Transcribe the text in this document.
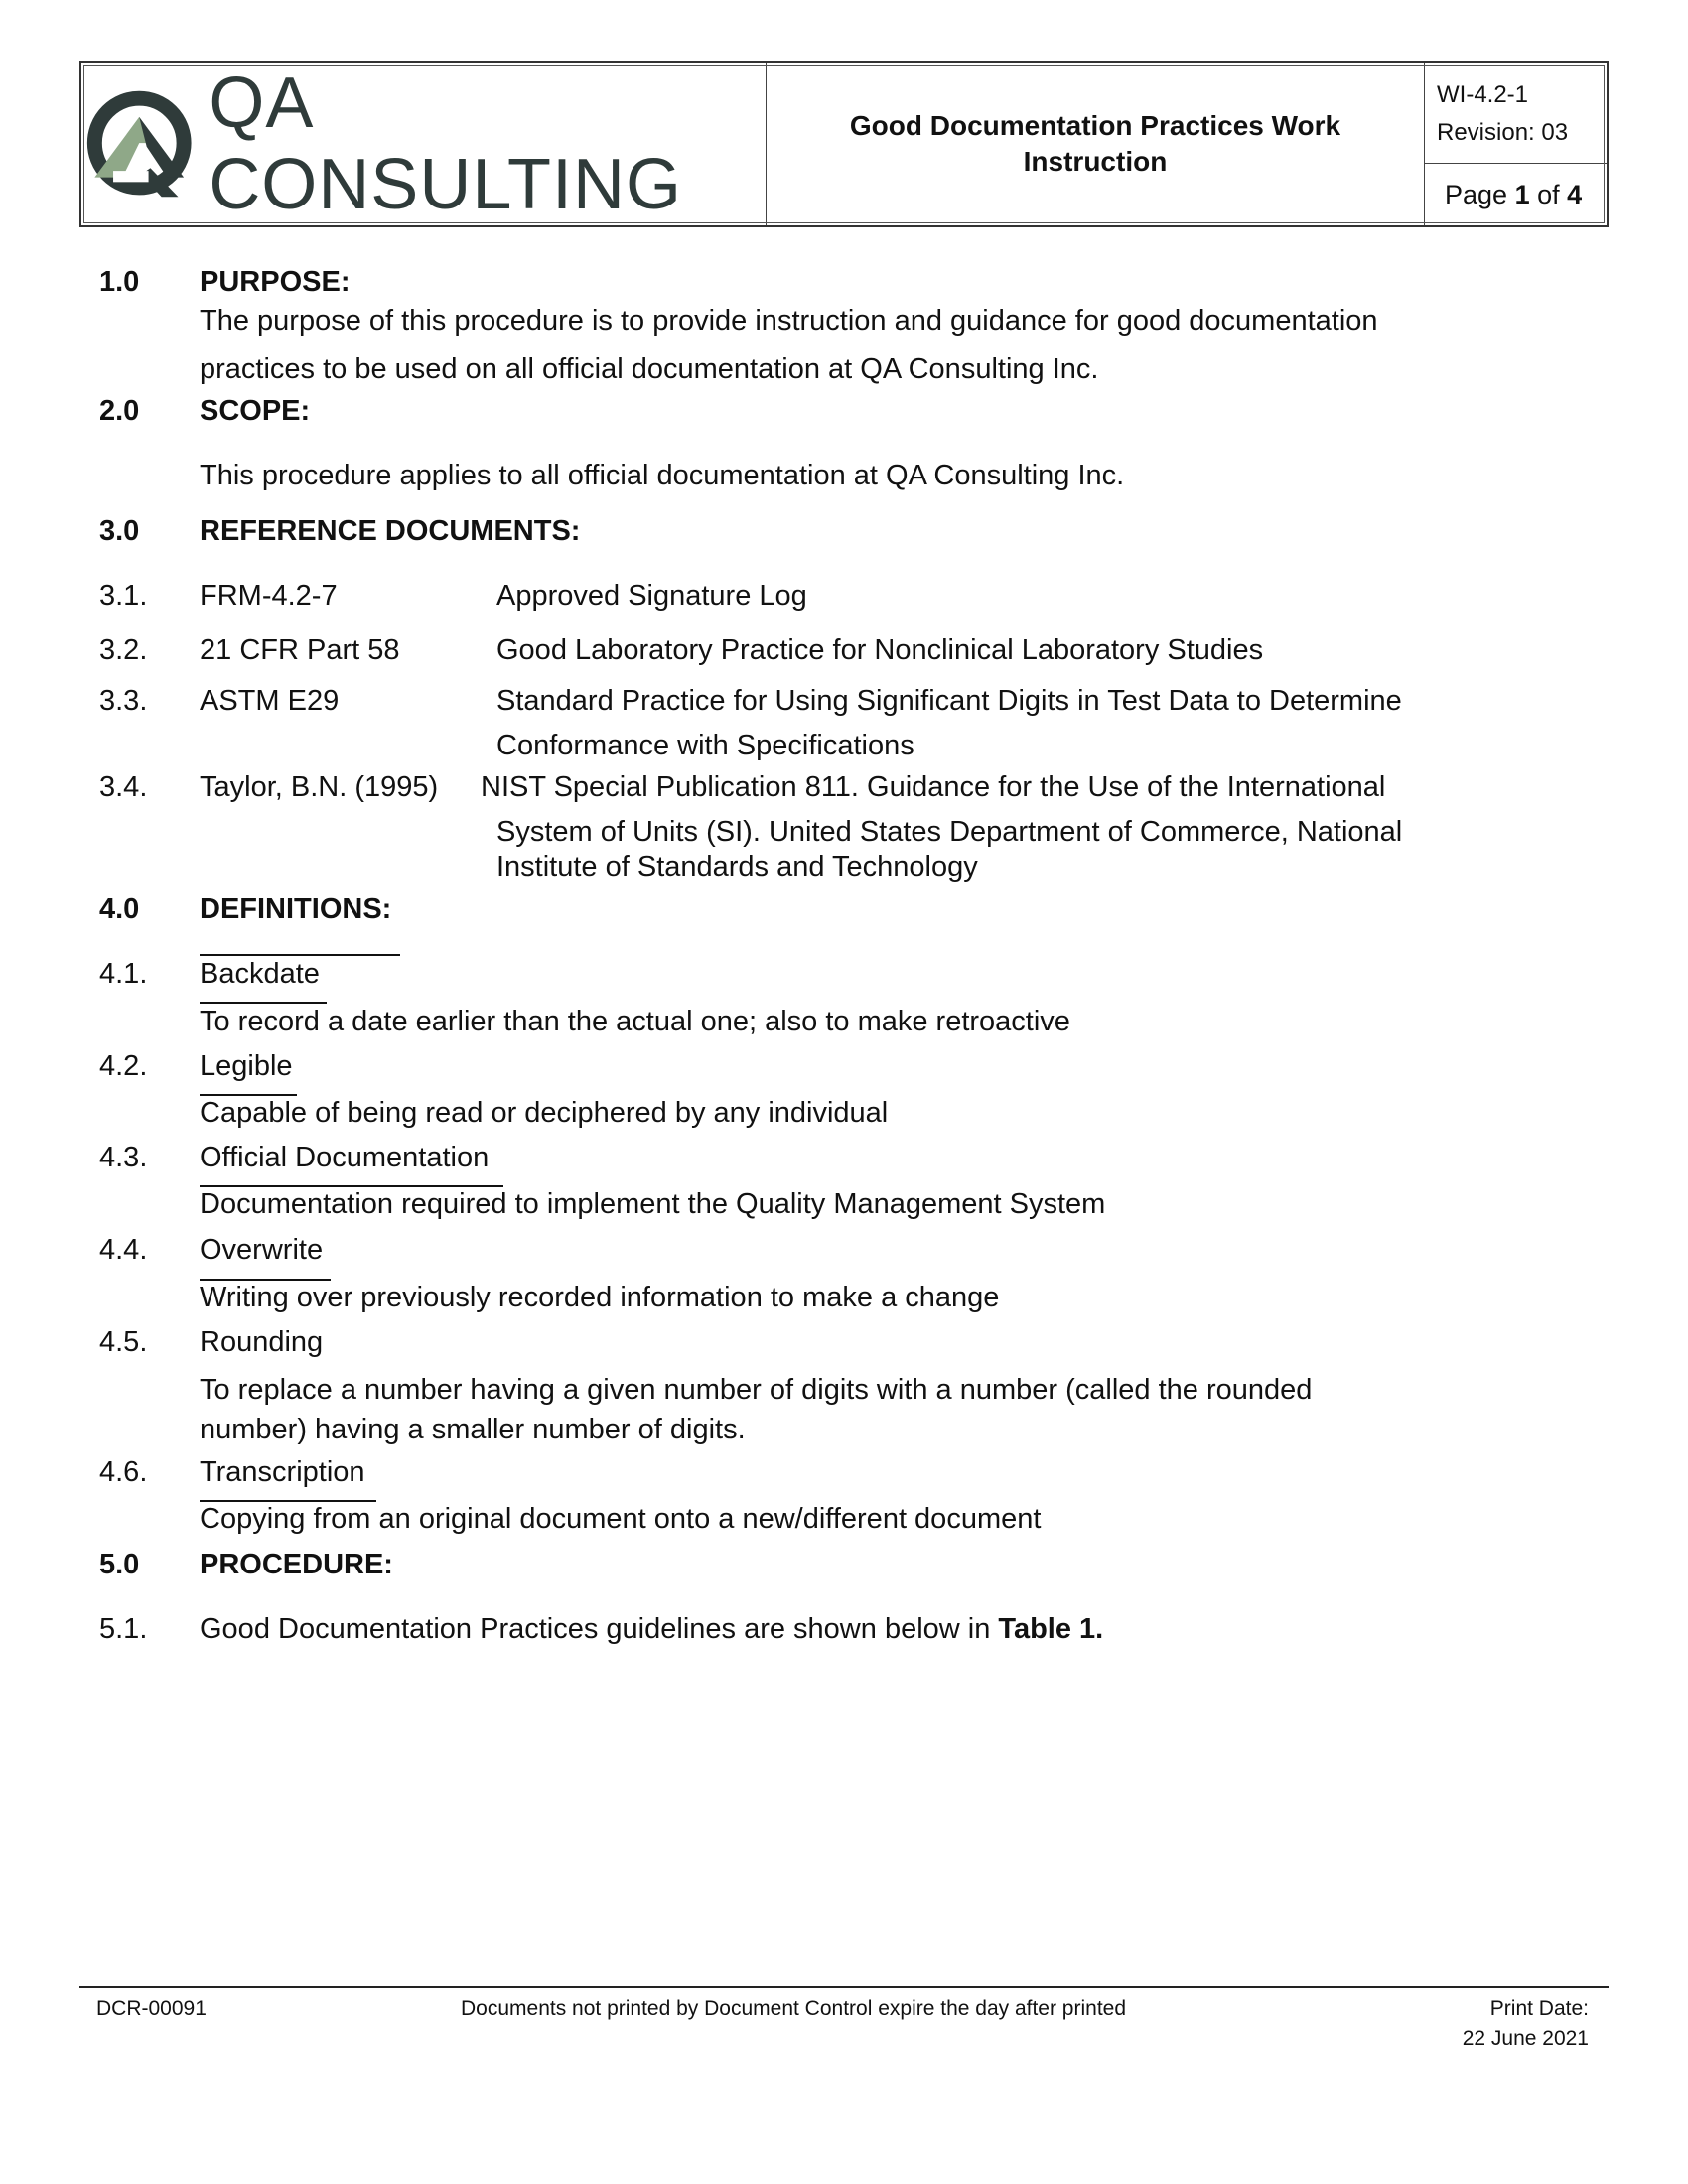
QA CONSULTING
Good Documentation Practices Work Instruction
WI-4.2-1
Revision: 03
Page
1
of
4
1.0 PURPOSE:
The purpose of this procedure is to provide instruction and guidance for good documentation
practices to be used on all official documentation at QA Consulting Inc.
2.0 SCOPE:
This procedure applies to all official documentation at QA Consulting Inc.
3.0 REFERENCE DOCUMENTS:
3.1. FRM-4.2-7	Approved Signature Log
3.2. 21 CFR Part 58	Good Laboratory Practice for Nonclinical Laboratory Studies
3.3. ASTM E29	Standard Practice for Using Significant Digits in Test Data to Determine
Conformance with Specifications
3.4. Taylor, B.N. (1995) NIST Special Publication 811. Guidance for the Use of the International
System of Units (SI). United States Department of Commerce, National
Institute of Standards and Technology
4.0 DEFINITIONS:
4.1. Backdate
To record a date earlier than the actual one; also to make retroactive
4.2. Legible
Capable of being read or deciphered by any individual
4.3. Official Documentation
Documentation required to implement the Quality Management System
4.4. Overwrite
Writing over previously recorded information to make a change
4.5. Rounding
To replace a number having a given number of digits with a number (called the rounded
number) having a smaller number of digits.
4.6. Transcription
Copying from an original document onto a new/different document
5.0 PROCEDURE:
5.1. Good Documentation Practices guidelines are shown below in Table 1.
DCR-00091	Documents not printed by Document Control expire the day after printed	Print Date:
22 June 2021
